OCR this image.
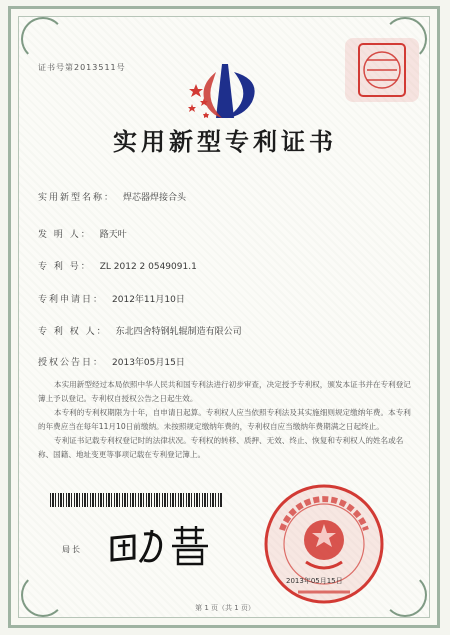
证书号第2013511号
实用新型专利证书
实用新型名称： 焊芯器焊接合头
发 明 人： 路天叶
专 利 号： ZL 2012 2 0549091.1
专利申请日： 2012年11月10日
专 利 权 人： 东北四舍特钢轧辊制造有限公司
授权公告日： 2013年05月15日

本实用新型经过本局依照中华人民共和国专利法进行初步审查，决定授予专利权，颁发本证书并在专利登记簿上予以登记。专利权自授权公告之日起生效。

本专利的专利权期限为十年，自申请日起算。专利权人应当依照专利法及其实施细则规定缴纳年费。本专利的年费应当在每年11月10日前缴纳。未按照规定缴纳年费的，专利权自应当缴纳年费期满之日起终止。

专利证书记载专利权登记时的法律状况。专利权的转移、质押、无效、终止、恢复和专利权人的姓名或名称、国籍、地址变更等事项记载在专利登记簿上。

局长
2013年05月15日
第 1 页（共 1 页）
